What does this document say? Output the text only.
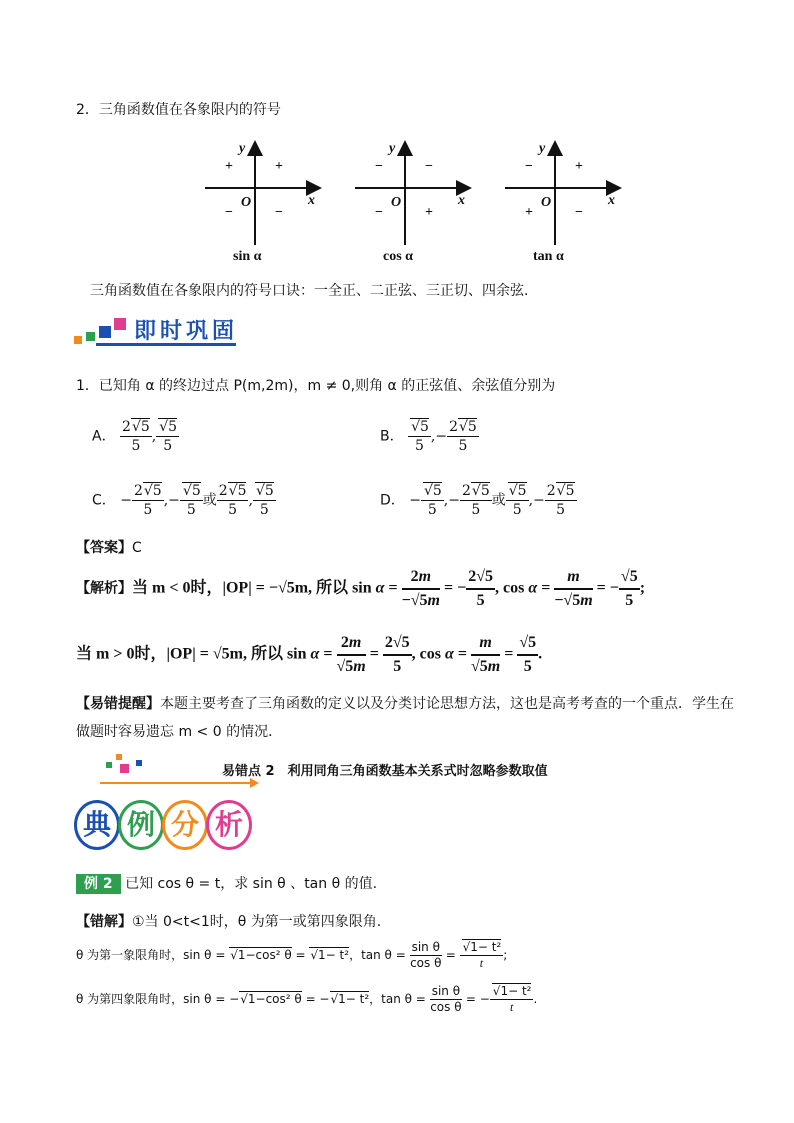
2．三角函数值在各象限内的符号
y
x
O
+
+
−	−
sin α
y
x
O
−
−
−	+
cos α
y
x
O
+
−
+	−
tan α
三角函数值在各象限内的符号口诀：一全正、二正弦、三正切、四余弦.
即时巩固
1．已知角 α 的终边过点 P(m,2m)，m ≠ 0,则角 α 的正弦值、余弦值分别为
A． $\frac{2√5}{5}$ , $\frac{√5}{5}$	B． $\frac{√5}{5}$ ,− $\frac{2√5}{5}$
C． − $\frac{2√5}{5}$ ,− $\frac{√5}{5}$ 或 $\frac{2√5}{5}$ , $\frac{√5}{5}$	D． − $\frac{√5}{5}$ ,− $\frac{2√5}{5}$ 或 $\frac{√5}{5}$ ,− $\frac{2√5}{5}$
【答案】C
【解析】当 m < 0时，|OP| = −√5m, 所以 $\sin \alpha = \frac{2m}{-√5m}$ = − $\frac{2√5}{5}$ , $\cos \alpha = \frac{m}{-√5m}$ = − $\frac{√5}{5}$ ;
当 m > 0时，|OP| = √5m, 所以 $\sin \alpha = \frac{2m}{√5m} = \frac{2√5}{5}$ , $\cos \alpha = \frac{m}{√5m} = \frac{√5}{5}$ .
【易错提醒】本题主要考查了三角函数的定义以及分类讨论思想方法，这也是高考考查的一个重点．学生在
做题时容易遗忘 m < 0 的情况．
易错点 2　利用同角三角函数基本关系式时忽略参数取值
典 例 分 析
例 2 已知 cos θ = t，求 sin θ 、tan θ 的值.
【错解】①当 0<t<1时，θ 为第一或第四象限角.
θ 为第一象限角时，sin θ = √1−cos² θ = √1− t²，$\tan \theta = \frac{\text{sin θ}}{\text{cos θ}} = \frac{\text{√1− t²}}{t}$ ;
θ 为第四象限角时，sin θ = −√1−cos² θ = −√1− t²，$\tan \theta = \frac{\text{sin θ}}{\text{cos θ}}$ = − $\frac{\text{√1− t²}}{t}$ .
